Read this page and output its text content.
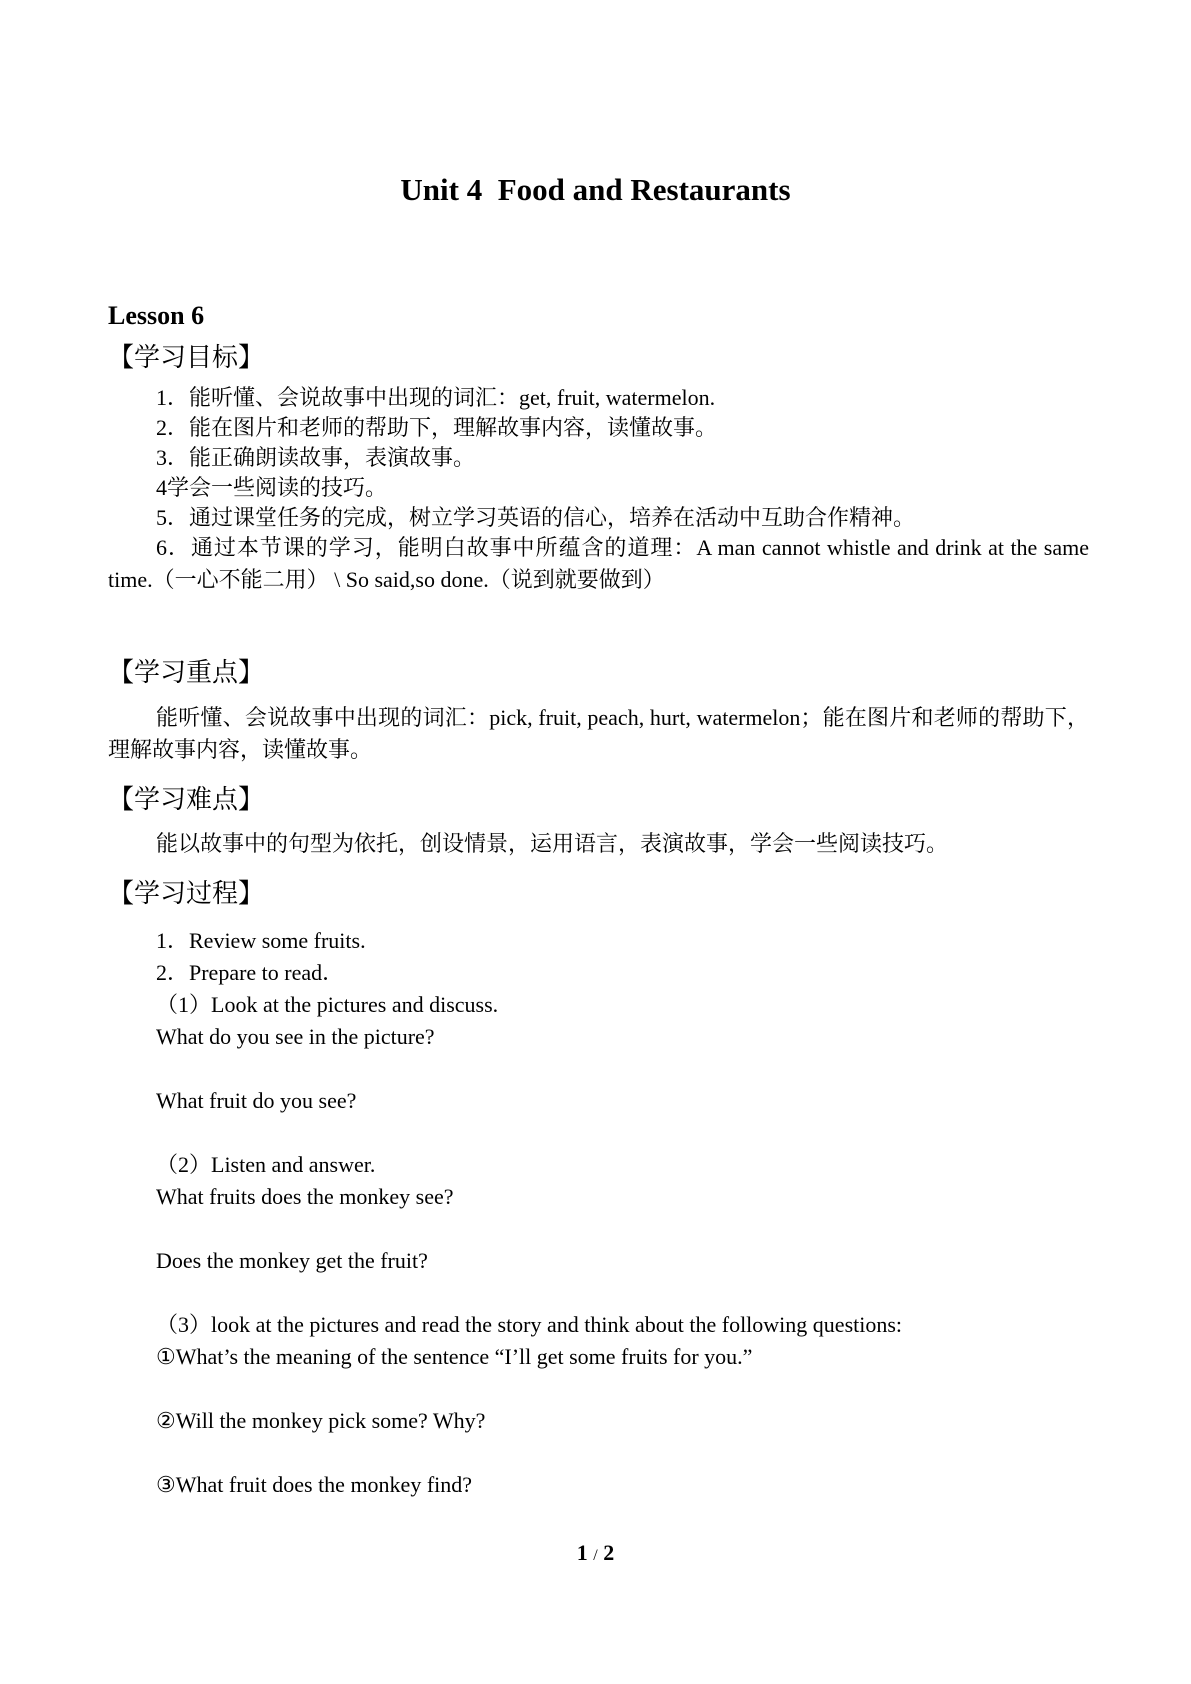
Unit 4  Food and Restaurants
Lesson 6
【学习目标】
1．能听懂、会说故事中出现的词汇：get, fruit, watermelon.
2．能在图片和老师的帮助下，理解故事内容，读懂故事。
3．能正确朗读故事，表演故事。
4学会一些阅读的技巧。
5．通过课堂任务的完成，树立学习英语的信心，培养在活动中互助合作精神。
6．通过本节课的学习，能明白故事中所蕴含的道理：A man cannot whistle and drink at the same time.（一心不能二用） \ So said,so done.（说到就要做到）
【学习重点】
能听懂、会说故事中出现的词汇：pick, fruit, peach, hurt, watermelon；能在图片和老师的帮助下，理解故事内容，读懂故事。
【学习难点】
能以故事中的句型为依托，创设情景，运用语言，表演故事，学会一些阅读技巧。
【学习过程】
1．Review some fruits.
2．Prepare to read．
（1）Look at the pictures and discuss.
What do you see in the picture?
What fruit do you see?
（2）Listen and answer.
What fruits does the monkey see?
Does the monkey get the fruit?
（3）look at the pictures and read the story and think about the following questions:
①What’s the meaning of the sentence “I’ll get some fruits for you.”
②Will the monkey pick some? Why?
③What fruit does the monkey find?
1 / 2
